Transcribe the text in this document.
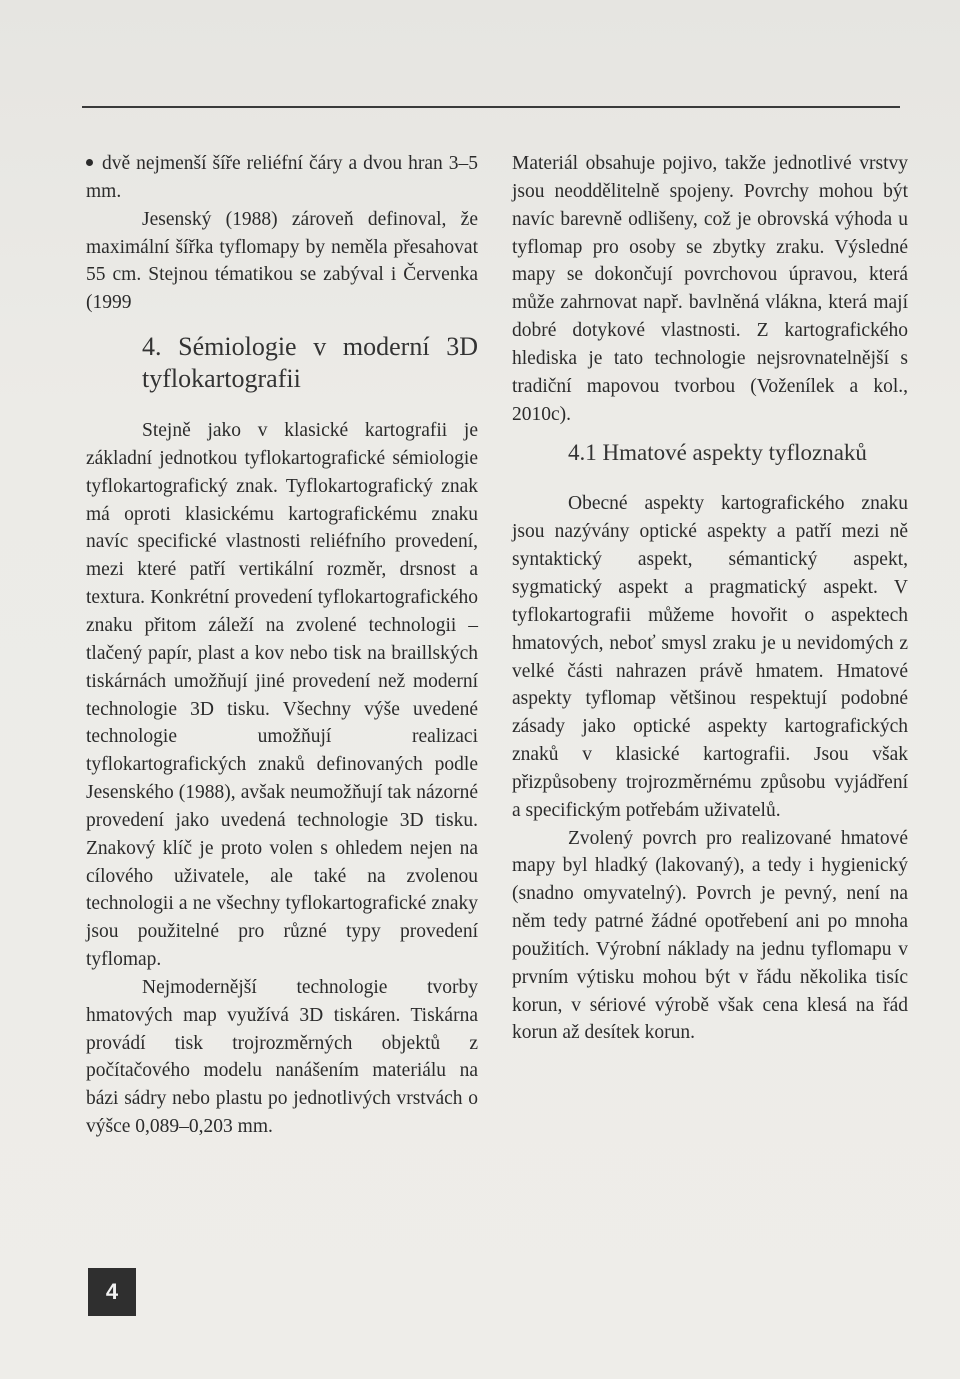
dvě nejmenší šíře reliéfní čáry a dvou hran 3–5 mm.

Jesenský (1988) zároveň definoval, že maximální šířka tyflomapy by neměla přesahovat 55 cm. Stejnou tématikou se zabýval i Červenka (1999

4. Sémiologie v moderní 3D tyflokartografii

Stejně jako v klasické kartografii je základní jednotkou tyflokartografické sémiologie tyflokartografický znak. Tyflokartografický znak má oproti klasickému kartografickému znaku navíc specifické vlastnosti reliéfního provedení, mezi které patří vertikální rozměr, drsnost a textura. Konkrétní provedení tyflokartografického znaku přitom záleží na zvolené technologii – tlačený papír, plast a kov nebo tisk na braillských tiskárnách umožňují jiné provedení než moderní technologie 3D tisku. Všechny výše uvedené technologie umožňují realizaci tyflokartografických znaků definovaných podle Jesenského (1988), avšak neumožňují tak názorné provedení jako uvedená technologie 3D tisku. Znakový klíč je proto volen s ohledem nejen na cílového uživatele, ale také na zvolenou technologii a ne všechny tyflokartografické znaky jsou použitelné pro různé typy provedení tyflomap.

Nejmodernější technologie tvorby hmatových map využívá 3D tiskáren. Tiskárna provádí tisk trojrozměrných objektů z počítačového modelu nanášením materiálu na bázi sádry nebo plastu po jednotlivých vrstvách o výšce 0,089–0,203 mm.

Materiál obsahuje pojivo, takže jednotlivé vrstvy jsou neoddělitelně spojeny. Povrchy mohou být navíc barevně odlišeny, což je obrovská výhoda u tyflomap pro osoby se zbytky zraku. Výsledné mapy se dokončují povrchovou úpravou, která může zahrnovat např. bavlněná vlákna, která mají dobré dotykové vlastnosti. Z kartografického hlediska je tato technologie nejsrovnatelnější s tradiční mapovou tvorbou (Voženílek a kol., 2010c).

4.1 Hmatové aspekty tyfloznaků

Obecné aspekty kartografického znaku jsou nazývány optické aspekty a patří mezi ně syntaktický aspekt, sémantický aspekt, sygmatický aspekt a pragmatický aspekt. V tyflokartografii můžeme hovořit o aspektech hmatových, neboť smysl zraku je u nevidomých z velké části nahrazen právě hmatem. Hmatové aspekty tyflomap většinou respektují podobné zásady jako optické aspekty kartografických znaků v klasické kartografii. Jsou však přizpůsobeny trojrozměrnému způsobu vyjádření a specifickým potřebám uživatelů.

Zvolený povrch pro realizované hmatové mapy byl hladký (lakovaný), a tedy i hygienický (snadno omyvatelný). Povrch je pevný, není na něm tedy patrné žádné opotřebení ani po mnoha použitích. Výrobní náklady na jednu tyflomapu v prvním výtisku mohou být v řádu několika tisíc korun, v sériové výrobě však cena klesá na řád korun až desítek korun.

4
